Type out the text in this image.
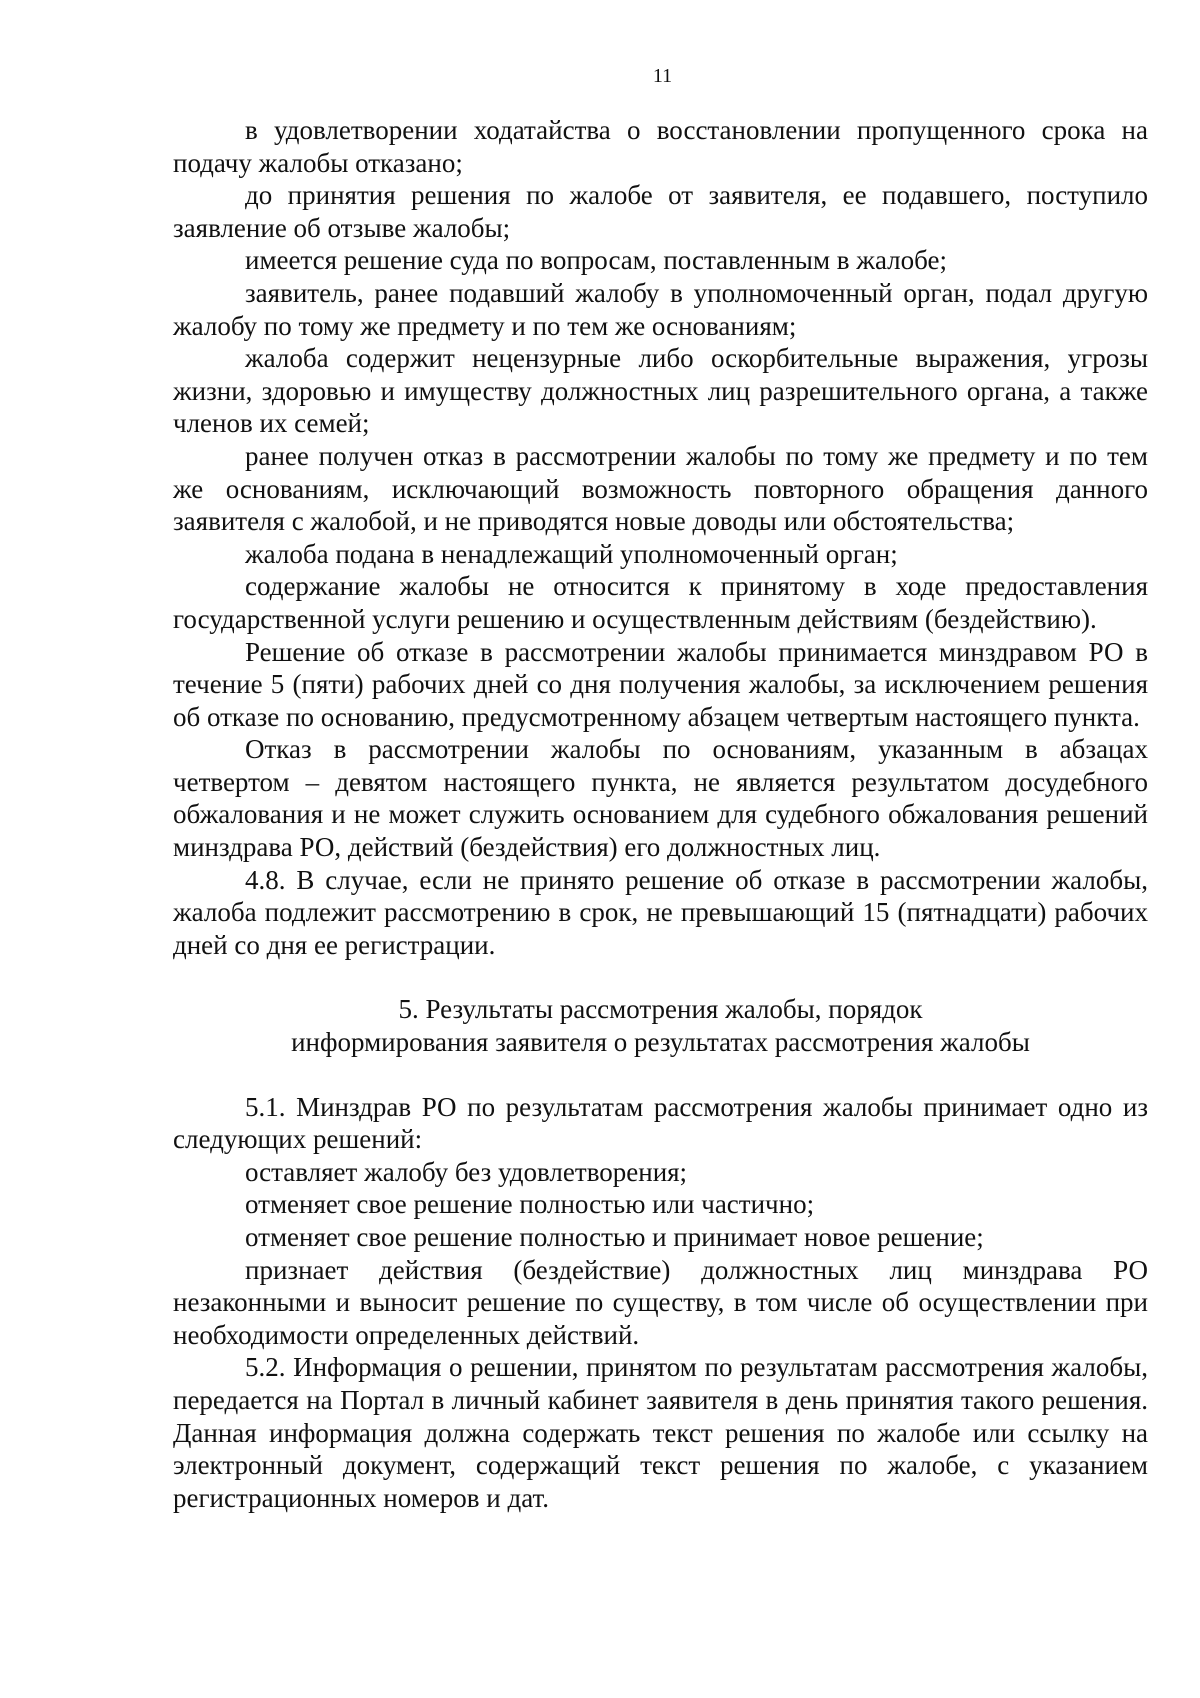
11

в удовлетворении ходатайства о восстановлении пропущенного срока на подачу жалобы отказано;

до принятия решения по жалобе от заявителя, ее подавшего, поступило заявление об отзыве жалобы;

имеется решение суда по вопросам, поставленным в жалобе;

заявитель, ранее подавший жалобу в уполномоченный орган, подал другую жалобу по тому же предмету и по тем же основаниям;

жалоба содержит нецензурные либо оскорбительные выражения, угрозы жизни, здоровью и имуществу должностных лиц разрешительного органа, а также членов их семей;

ранее получен отказ в рассмотрении жалобы по тому же предмету и по тем же основаниям, исключающий возможность повторного обращения данного заявителя с жалобой, и не приводятся новые доводы или обстоятельства;

жалоба подана в ненадлежащий уполномоченный орган;

содержание жалобы не относится к принятому в ходе предоставления государственной услуги решению и осуществленным действиям (бездействию).

Решение об отказе в рассмотрении жалобы принимается минздравом РО в течение 5 (пяти) рабочих дней со дня получения жалобы, за исключением решения об отказе по основанию, предусмотренному абзацем четвертым настоящего пункта.

Отказ в рассмотрении жалобы по основаниям, указанным в абзацах четвертом – девятом настоящего пункта, не является результатом досудебного обжалования и не может служить основанием для судебного обжалования решений минздрава РО, действий (бездействия) его должностных лиц.

4.8. В случае, если не принято решение об отказе в рассмотрении жалобы, жалоба подлежит рассмотрению в срок, не превышающий 15 (пятнадцати) рабочих дней со дня ее регистрации.

5. Результаты рассмотрения жалобы, порядок

информирования заявителя о результатах рассмотрения жалобы

5.1. Минздрав РО по результатам рассмотрения жалобы принимает одно из следующих решений:

оставляет жалобу без удовлетворения;

отменяет свое решение полностью или частично;

отменяет свое решение полностью и принимает новое решение;

признает действия (бездействие) должностных лиц минздрава РО незаконными и выносит решение по существу, в том числе об осуществлении при необходимости определенных действий.

5.2. Информация о решении, принятом по результатам рассмотрения жалобы, передается на Портал в личный кабинет заявителя в день принятия такого решения. Данная информация должна содержать текст решения по жалобе или ссылку на электронный документ, содержащий текст решения по жалобе, с указанием регистрационных номеров и дат.
